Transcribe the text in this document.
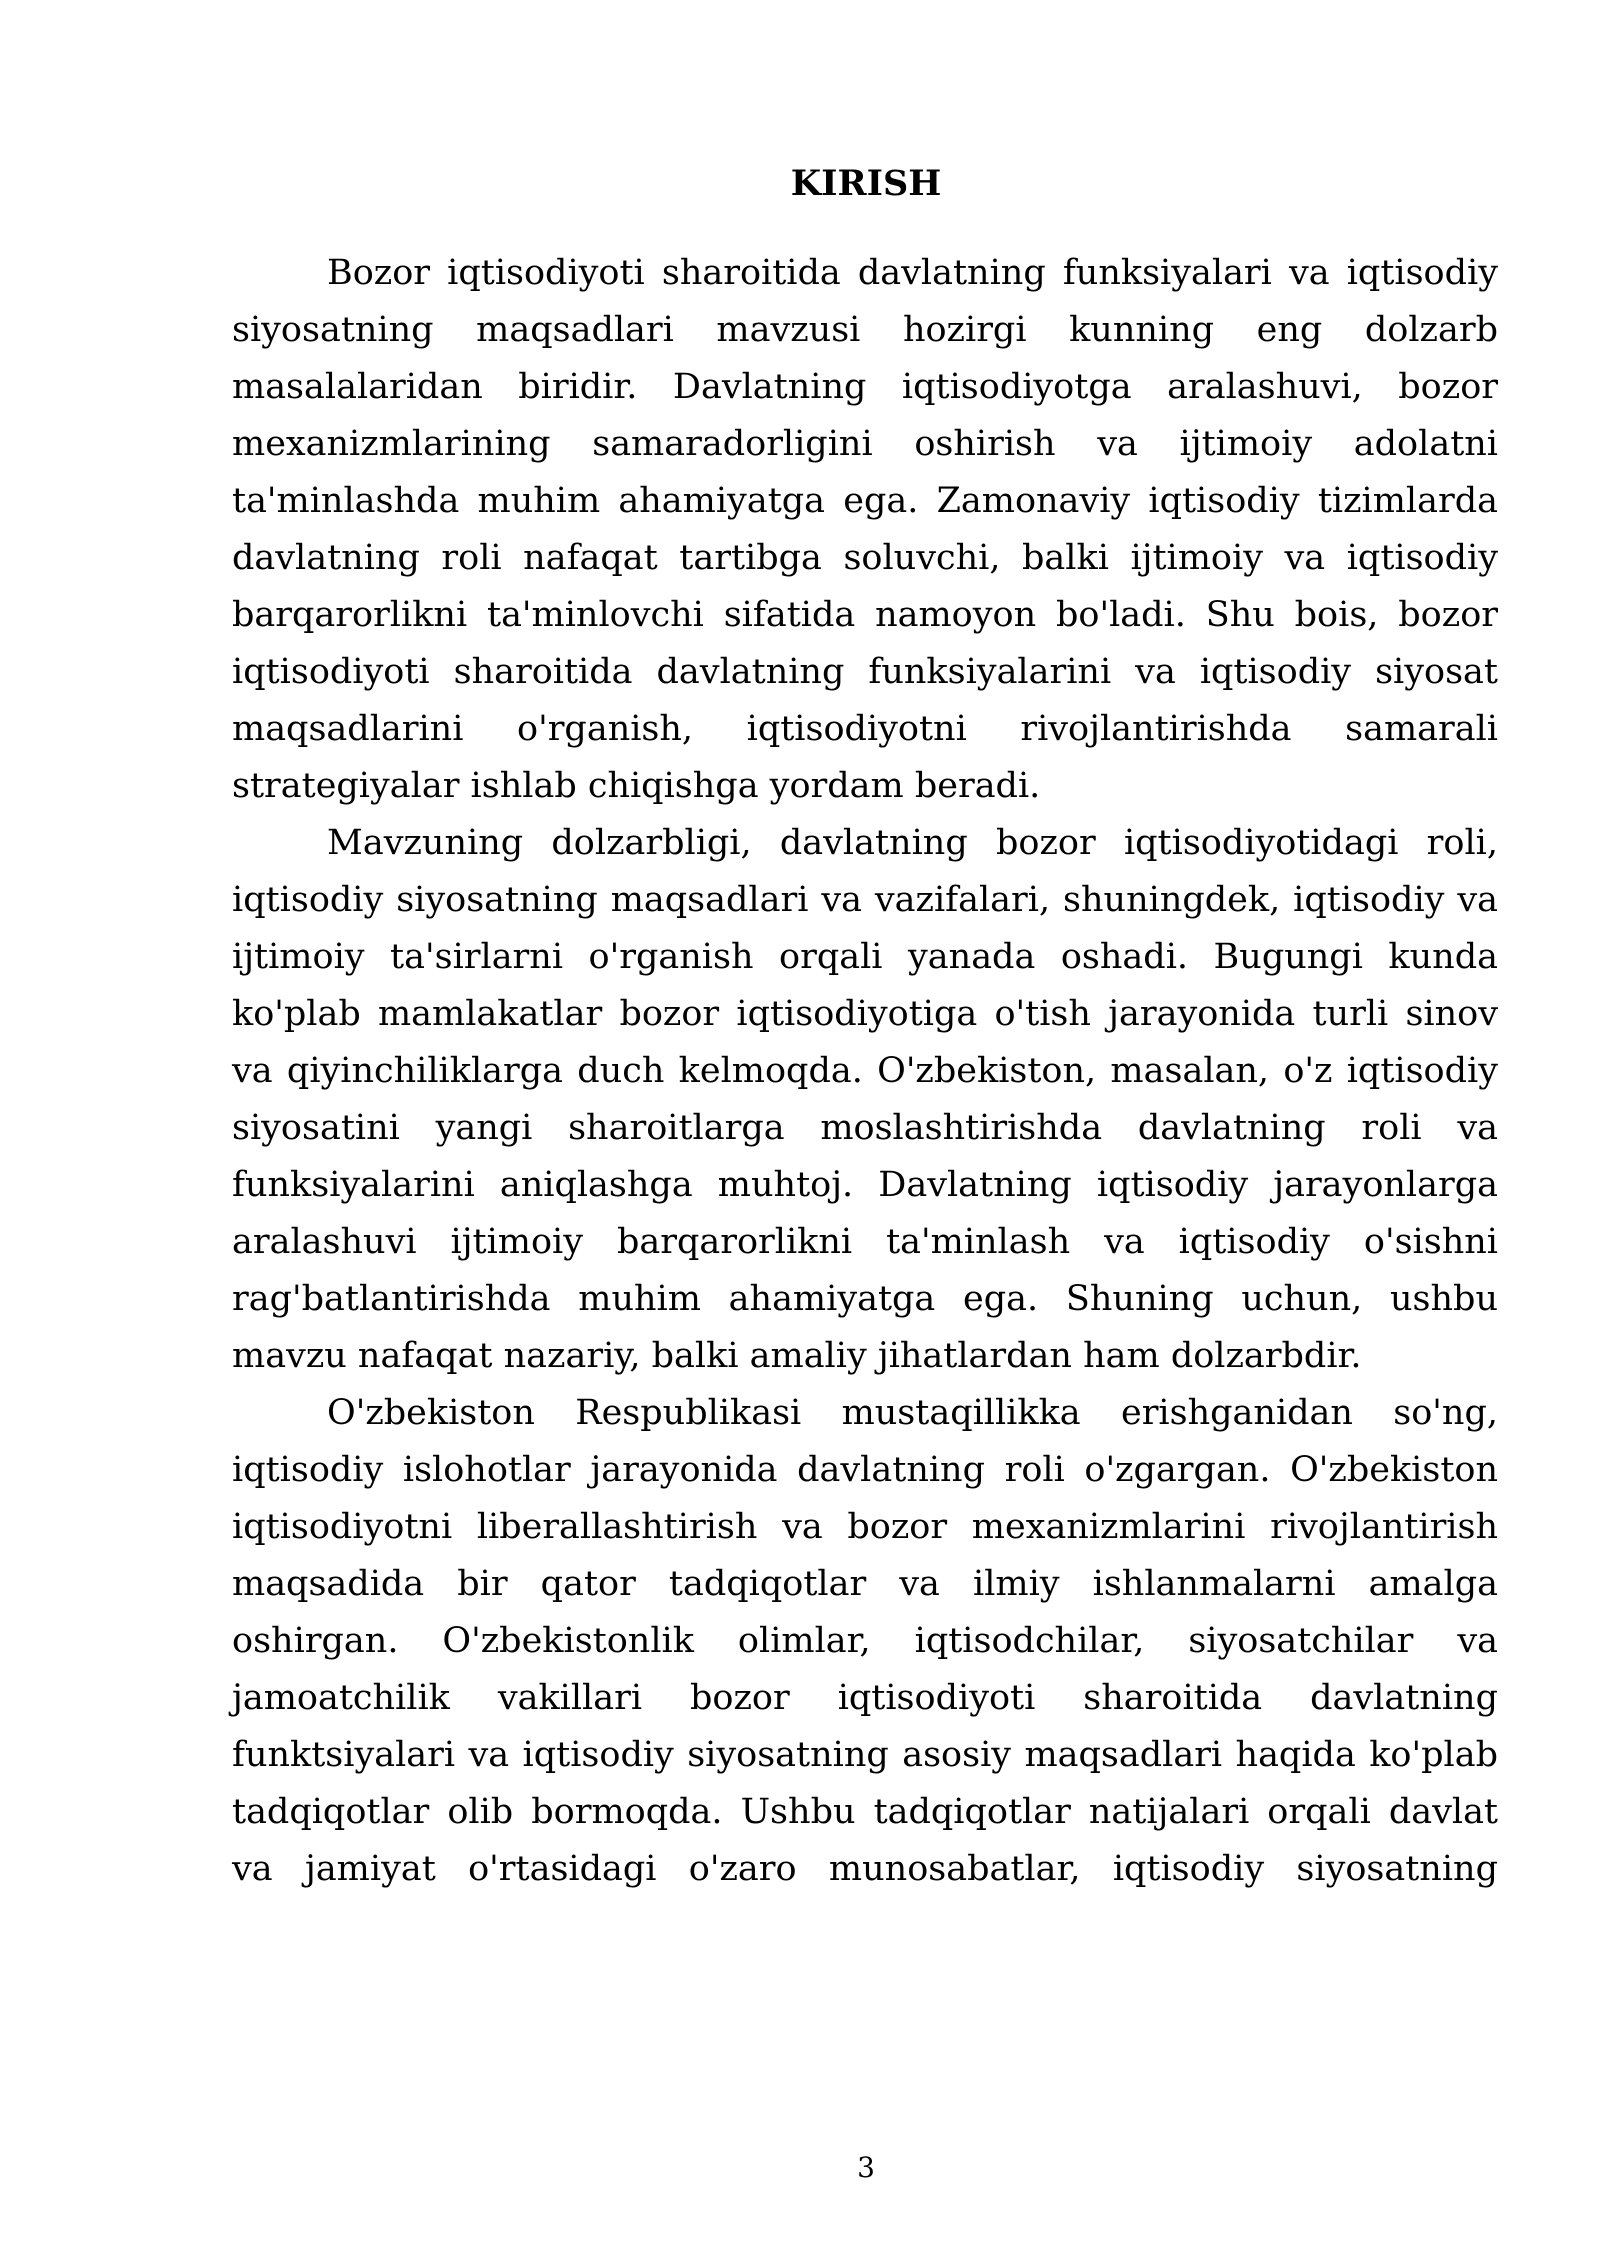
KIRISH

Bozor iqtisodiyoti sharoitida davlatning funksiyalari va iqtisodiy siyosatning maqsadlari mavzusi hozirgi kunning eng dolzarb masalalaridan biridir. Davlatning iqtisodiyotga aralashuvi, bozor mexanizmlarining samaradorligini oshirish va ijtimoiy adolatni ta'minlashda muhim ahamiyatga ega. Zamonaviy iqtisodiy tizimlarda davlatning roli nafaqat tartibga soluvchi, balki ijtimoiy va iqtisodiy barqarorlikni ta'minlovchi sifatida namoyon bo'ladi. Shu bois, bozor iqtisodiyoti sharoitida davlatning funksiyalarini va iqtisodiy siyosat maqsadlarini o'rganish, iqtisodiyotni rivojlantirishda samarali strategiyalar ishlab chiqishga yordam beradi.

Mavzuning dolzarbligi, davlatning bozor iqtisodiyotidagi roli, iqtisodiy siyosatning maqsadlari va vazifalari, shuningdek, iqtisodiy va ijtimoiy ta'sirlarni o'rganish orqali yanada oshadi. Bugungi kunda ko'plab mamlakatlar bozor iqtisodiyotiga o'tish jarayonida turli sinov va qiyinchiliklarga duch kelmoqda. O'zbekiston, masalan, o'z iqtisodiy siyosatini yangi sharoitlarga moslashtirishda davlatning roli va funksiyalarini aniqlashga muhtoj. Davlatning iqtisodiy jarayonlarga aralashuvi ijtimoiy barqarorlikni ta'minlash va iqtisodiy o'sishni rag'batlantirishda muhim ahamiyatga ega. Shuning uchun, ushbu mavzu nafaqat nazariy, balki amaliy jihatlardan ham dolzarbdir.

O'zbekiston Respublikasi mustaqillikka erishganidan so'ng, iqtisodiy islohotlar jarayonida davlatning roli o'zgargan. O'zbekiston iqtisodiyotni liberallashtirish va bozor mexanizmlarini rivojlantirish maqsadida bir qator tadqiqotlar va ilmiy ishlanmalarni amalga oshirgan. O'zbekistonlik olimlar, iqtisodchilar, siyosatchilar va jamoatchilik vakillari bozor iqtisodiyoti sharoitida davlatning funktsiyalari va iqtisodiy siyosatning asosiy maqsadlari haqida ko'plab tadqiqotlar olib bormoqda. Ushbu tadqiqotlar natijalari orqali davlat va jamiyat o'rtasidagi o'zaro munosabatlar, iqtisodiy siyosatning

3
